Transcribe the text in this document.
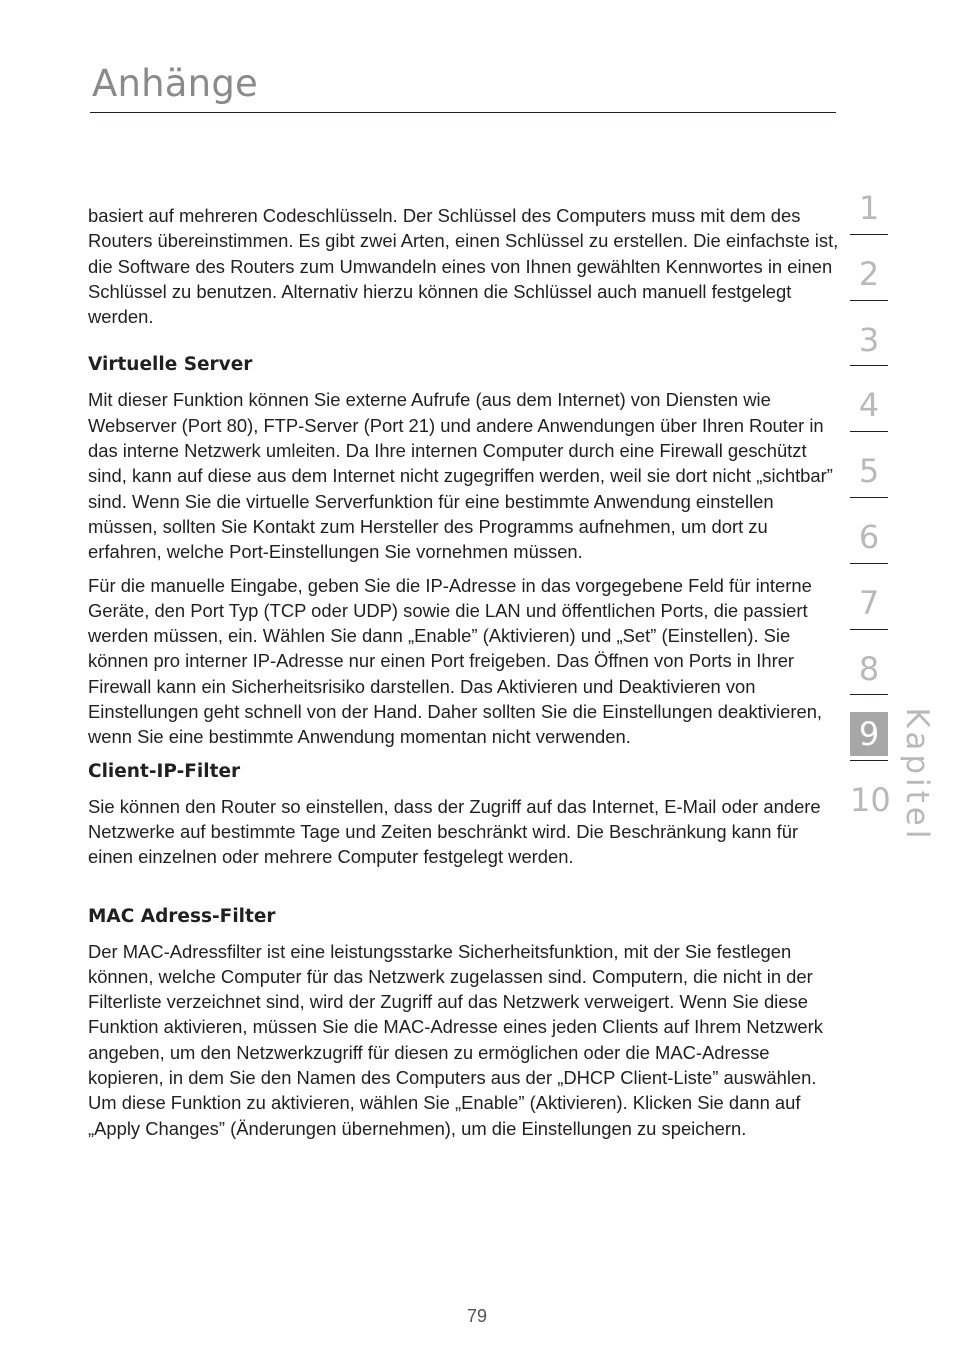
Anhänge

basiert auf mehreren Codeschlüsseln. Der Schlüssel des Computers muss mit dem des Routers übereinstimmen. Es gibt zwei Arten, einen Schlüssel zu erstellen. Die einfachste ist, die Software des Routers zum Umwandeln eines von Ihnen gewählten Kennwortes in einen Schlüssel zu benutzen. Alternativ hierzu können die Schlüssel auch manuell festgelegt werden.

Virtuelle Server

Mit dieser Funktion können Sie externe Aufrufe (aus dem Internet) von Diensten wie Webserver (Port 80), FTP-Server (Port 21) und andere Anwendungen über Ihren Router in das interne Netzwerk umleiten. Da Ihre internen Computer durch eine Firewall geschützt sind, kann auf diese aus dem Internet nicht zugegriffen werden, weil sie dort nicht „sichtbar” sind. Wenn Sie die virtuelle Serverfunktion für eine bestimmte Anwendung einstellen müssen, sollten Sie Kontakt zum Hersteller des Programms aufnehmen, um dort zu erfahren, welche Port-Einstellungen Sie vornehmen müssen.

Für die manuelle Eingabe, geben Sie die IP-Adresse in das vorgegebene Feld für interne Geräte, den Port Typ (TCP oder UDP) sowie die LAN und öffentlichen Ports, die passiert werden müssen, ein. Wählen Sie dann „Enable” (Aktivieren) und „Set” (Einstellen). Sie können pro interner IP-Adresse nur einen Port freigeben. Das Öffnen von Ports in Ihrer Firewall kann ein Sicherheitsrisiko darstellen. Das Aktivieren und Deaktivieren von Einstellungen geht schnell von der Hand. Daher sollten Sie die Einstellungen deaktivieren, wenn Sie eine bestimmte Anwendung momentan nicht verwenden.

Client-IP-Filter

Sie können den Router so einstellen, dass der Zugriff auf das Internet, E-Mail oder andere Netzwerke auf bestimmte Tage und Zeiten beschränkt wird. Die Beschränkung kann für einen einzelnen oder mehrere Computer festgelegt werden.

MAC Adress-Filter

Der MAC-Adressfilter ist eine leistungsstarke Sicherheitsfunktion, mit der Sie festlegen können, welche Computer für das Netzwerk zugelassen sind. Computern, die nicht in der Filterliste verzeichnet sind, wird der Zugriff auf das Netzwerk verweigert. Wenn Sie diese Funktion aktivieren, müssen Sie die MAC-Adresse eines jeden Clients auf Ihrem Netzwerk angeben, um den Netzwerkzugriff für diesen zu ermöglichen oder die MAC-Adresse kopieren, in dem Sie den Namen des Computers aus der „DHCP Client-Liste” auswählen. Um diese Funktion zu aktivieren, wählen Sie „Enable” (Aktivieren). Klicken Sie dann auf „Apply Changes” (Änderungen übernehmen), um die Einstellungen zu speichern.

1
2
3
4
5
6
7
8
9
10 Kapitel
79
